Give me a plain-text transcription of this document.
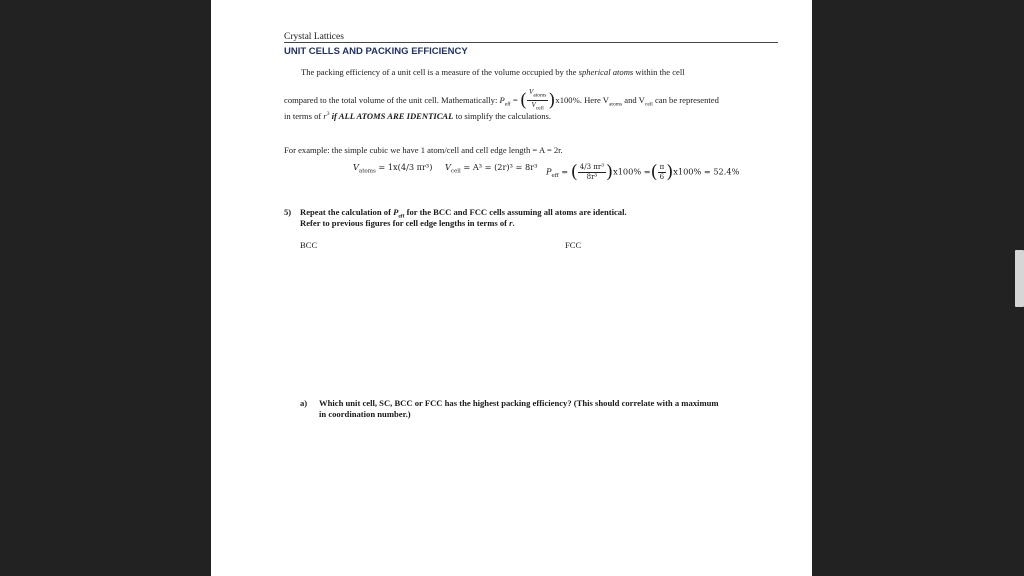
Crystal Lattices
UNIT CELLS AND PACKING EFFICIENCY
The packing efficiency of a unit cell is a measure of the volume occupied by the spherical atoms within the cell
compared to the total volume of the unit cell. Mathematically: $P_{eff}$ = ( $\frac{V_{atoms}}{V_{cell}} )x100\%$. Here $V_{atoms}$ and $V_{cell}$ can be represented
in terms of $r^3$ if ALL ATOMS ARE IDENTICAL to simplify the calculations.
For example: the simple cubic we have 1 atom/cell and cell edge length = A = 2r.
$V_{atoms} = 1x(4/3$ πr³) $V_{cell} = A^3 = (2r)^3 = 8r^3$ $P_{eff}$ = ( $\frac{\text{4/3 πr³}}{\text{8r³}} )x100\%$ =( $\frac{\pi}{6} )x100\% = 52.4\%$
5) Repeat the calculation of $P_{eff}$ for the BCC and FCC cells assuming all atoms are identical.
Refer to previous figures for cell edge lengths in terms of r.
BCC	FCC
a) Which unit cell, SC, BCC or FCC has the highest packing efficiency? (This should correlate with a maximum
in coordination number.)
